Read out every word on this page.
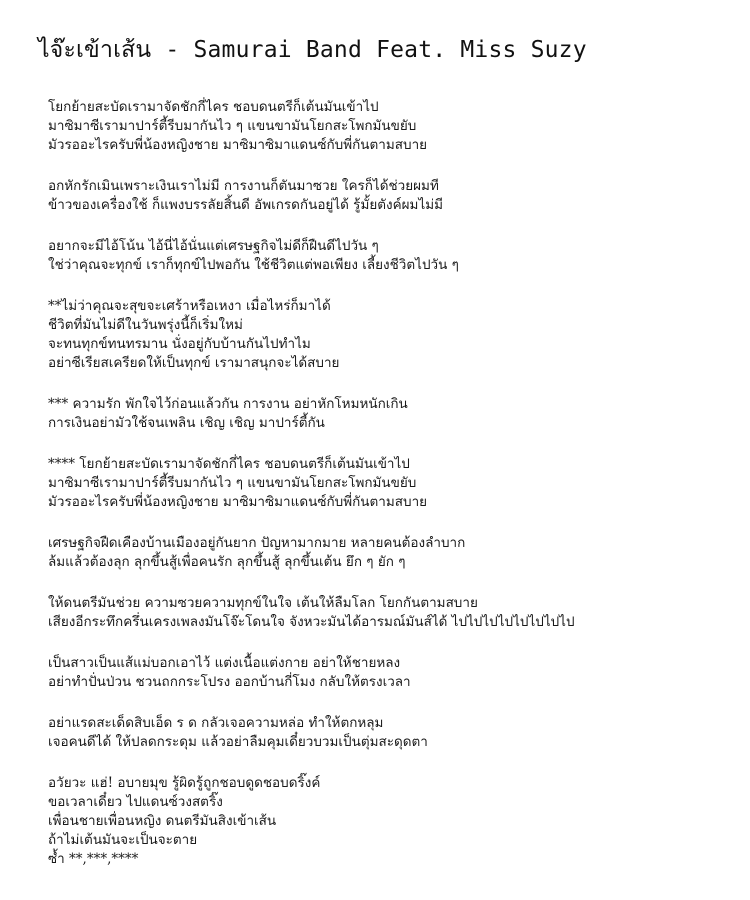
ไจ๊ะเข้าเส้น - Samurai Band Feat. Miss Suzy
โยกย้ายสะบัดเรามาจัดชักกี่ไคร ชอบดนตรีก็เต้นมันเข้าไป
มาซิมาซีเรามาปาร์ตี้รีบมากันไว ๆ แขนขามันโยกสะโพกมันขยับ
มัวรออะไรครับพี่น้องหญิงชาย มาซิมาซิมาแดนซ์กับพี่กันตามสบาย
อกหักรักเมินเพราะเงินเราไม่มี การงานก็ตันมาซวย ใครก็ได้ช่วยผมที
ข้าวของเครื่องใช้ ก็แพงบรรลัยสิ้นดี อัพเกรดกันอยู่ได้ รู้มั้ยตังค์ผมไม่มี
อยากจะมีไอ้โน้น ไอ้นี่ไอ้นั่นแต่เศรษฐกิจไม่ดีก็ฝืนดีไปวัน ๆ
ใช่ว่าคุณจะทุกข์ เราก็ทุกข์ไปพอกัน ใช้ชีวิตแต่พอเพียง เลี้ยงชีวิตไปวัน ๆ
**ไม่ว่าคุณจะสุขจะเศร้าหรือเหงา เมื่อไหร่ก็มาได้
ชีวิตที่มันไม่ดีในวันพรุ่งนี้ก็เริ่มใหม่
จะทนทุกข์ทนทรมาน นั่งอยู่กับบ้านกันไปทำไม
อย่าซีเรียสเครียดให้เป็นทุกข์ เรามาสนุกจะได้สบาย
*** ความรัก พักใจไว้ก่อนแล้วกัน การงาน อย่าหักโหมหนักเกิน
การเงินอย่ามัวใช้จนเพลิน เชิญ เชิญ มาปาร์ตี้กัน
**** โยกย้ายสะบัดเรามาจัดชักกี่ไคร ชอบดนตรีก็เต้นมันเข้าไป
มาซิมาซีเรามาปาร์ตี้รีบมากันไว ๆ แขนขามันโยกสะโพกมันขยับ
มัวรออะไรครับพี่น้องหญิงชาย มาซิมาซิมาแดนซ์กับพี่กันตามสบาย
เศรษฐกิจฝืดเคืองบ้านเมืองอยู่กันยาก ปัญหามากมาย หลายคนต้องลำบาก
ล้มแล้วต้องลุก ลุกขึ้นสู้เพื่อคนรัก ลุกขึ้นสู้ ลุกขึ้นเต้น ยึก ๆ ยัก ๆ
ให้ดนตรีมันช่วย ความซวยความทุกข์ในใจ เต้นให้ลืมโลก โยกกันตามสบาย
เสียงอีกระทึกครึ่นเครงเพลงมันโจ๊ะโดนใจ จังหวะมันได้อารมณ์มันส์ได้ ไปไปไปไปไปไปไปไป
เป็นสาวเป็นแส้แม่บอกเอาไว้ แต่งเนื้อแต่งกาย อย่าให้ชายหลง
อย่าทำปั่นป่วน ชวนถกกระโปรง ออกบ้านกี่โมง กลับให้ตรงเวลา
อย่าแรดสะเด็ดสิบเอ็ด ร ด กลัวเจอความหล่อ ทำให้ตกหลุม
เจอคนดีได้ ให้ปลดกระดุม แล้วอย่าลืมคุมเดี๋ยวบวมเป็นตุ่มสะดุดตา
อวัยวะ แฮ่! อบายมุข รู้ผิดรู้ถูกชอบดูดชอบดริ๊งค์
ขอเวลาเดี๋ยว ไปแดนซ์วงสตริ๊ง
เพื่อนชายเพื่อนหญิง ดนตรีมันสิงเข้าเส้น
ถ้าไม่เต้นมันจะเป็นจะตาย
ซ้ำ **,***,****
